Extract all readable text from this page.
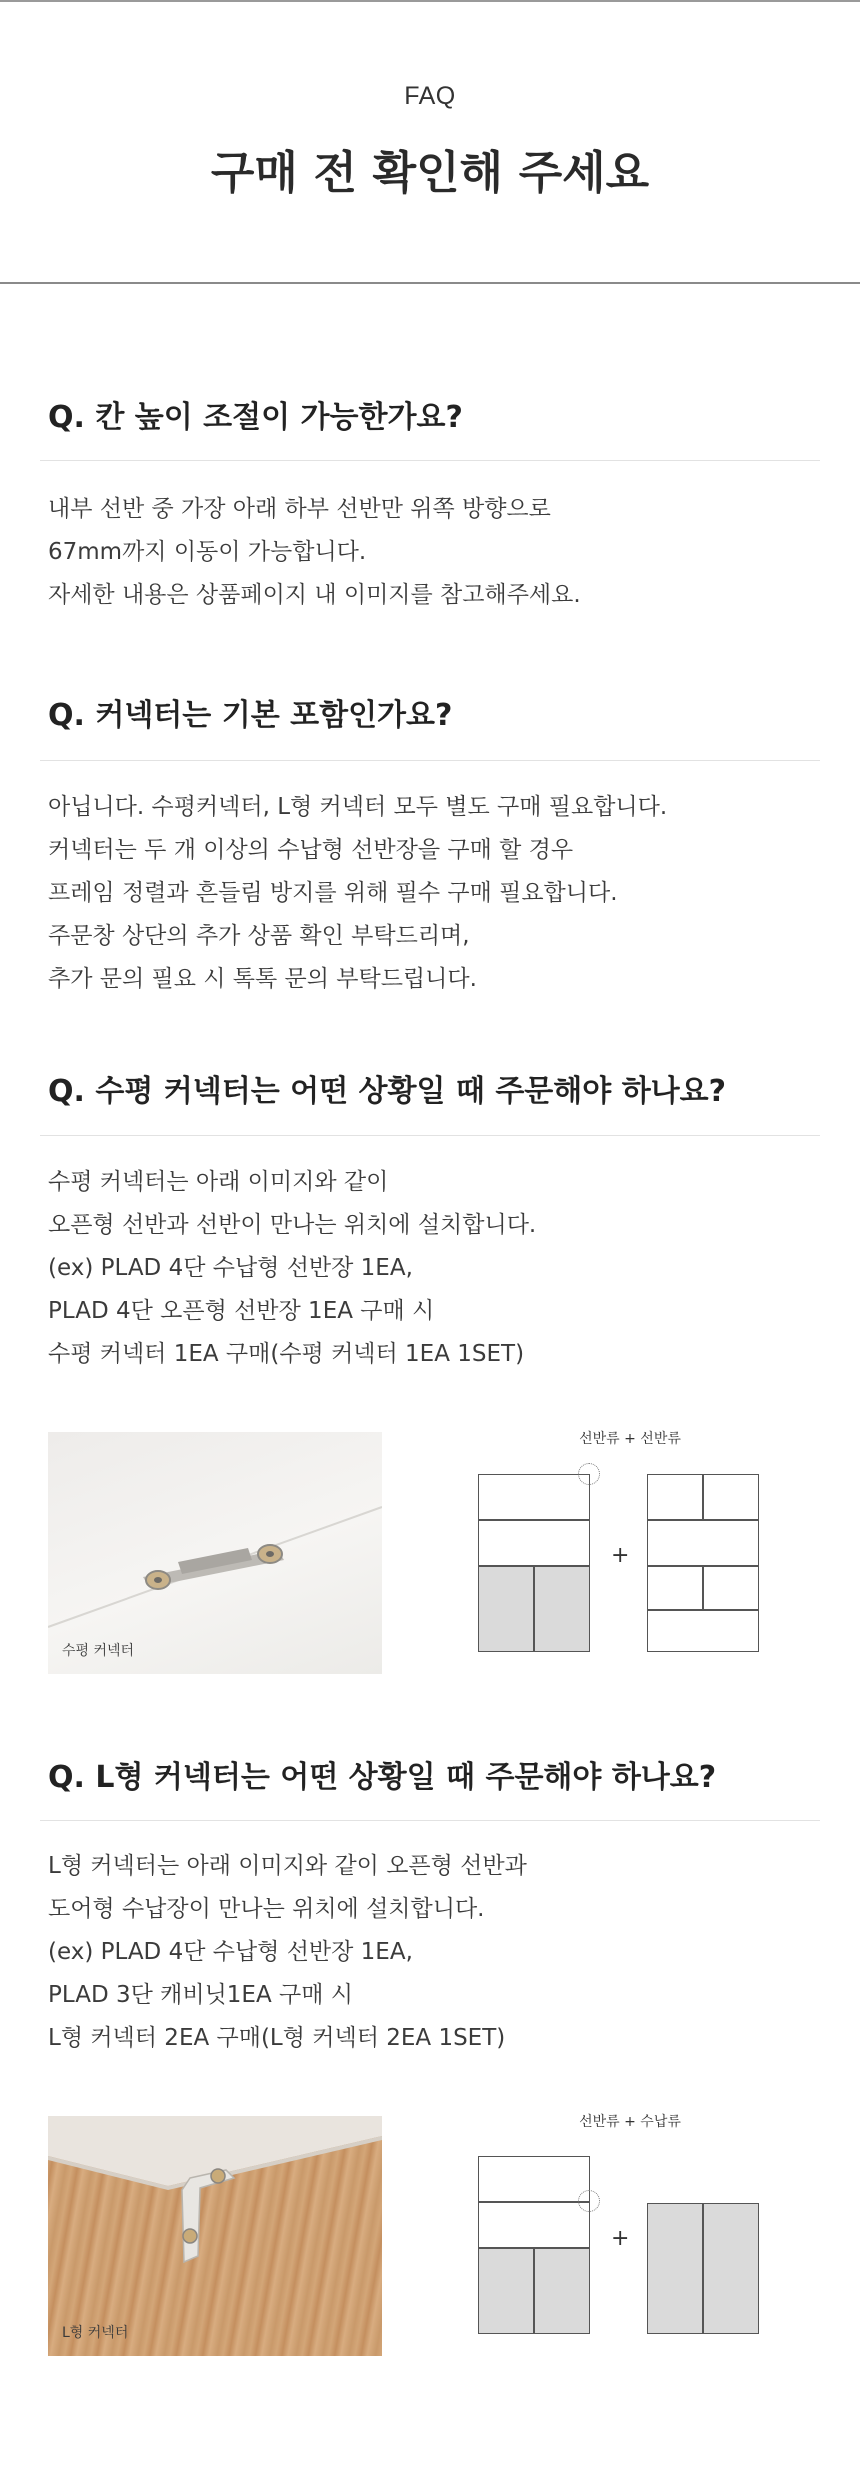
FAQ
구매 전 확인해 주세요
Q. 칸 높이 조절이 가능한가요?
내부 선반 중 가장 아래 하부 선반만 위쪽 방향으로
67mm까지 이동이 가능합니다.
자세한 내용은 상품페이지 내 이미지를 참고해주세요.
Q. 커넥터는 기본 포함인가요?
아닙니다. 수평커넥터, L형 커넥터 모두 별도 구매 필요합니다.
커넥터는 두 개 이상의 수납형 선반장을 구매 할 경우
프레임 정렬과 흔들림 방지를 위해 필수 구매 필요합니다.
주문창 상단의 추가 상품 확인 부탁드리며,
추가 문의 필요 시 톡톡 문의 부탁드립니다.
Q. 수평 커넥터는 어떤 상황일 때 주문해야 하나요?
수평 커넥터는 아래 이미지와 같이
오픈형 선반과 선반이 만나는 위치에 설치합니다.
(ex) PLAD 4단 수납형 선반장 1EA,
PLAD 4단 오픈형 선반장 1EA 구매 시
수평 커넥터 1EA 구매(수평 커넥터 1EA 1SET)
수평 커넥터
선반류 + 선반류
+
Q. L형 커넥터는 어떤 상황일 때 주문해야 하나요?
L형 커넥터는 아래 이미지와 같이 오픈형 선반과
도어형 수납장이 만나는 위치에 설치합니다.
(ex) PLAD 4단 수납형 선반장 1EA,
PLAD 3단 캐비닛1EA 구매 시
L형 커넥터 2EA 구매(L형 커넥터 2EA 1SET)
L형 커넥터
선반류 + 수납류
+
